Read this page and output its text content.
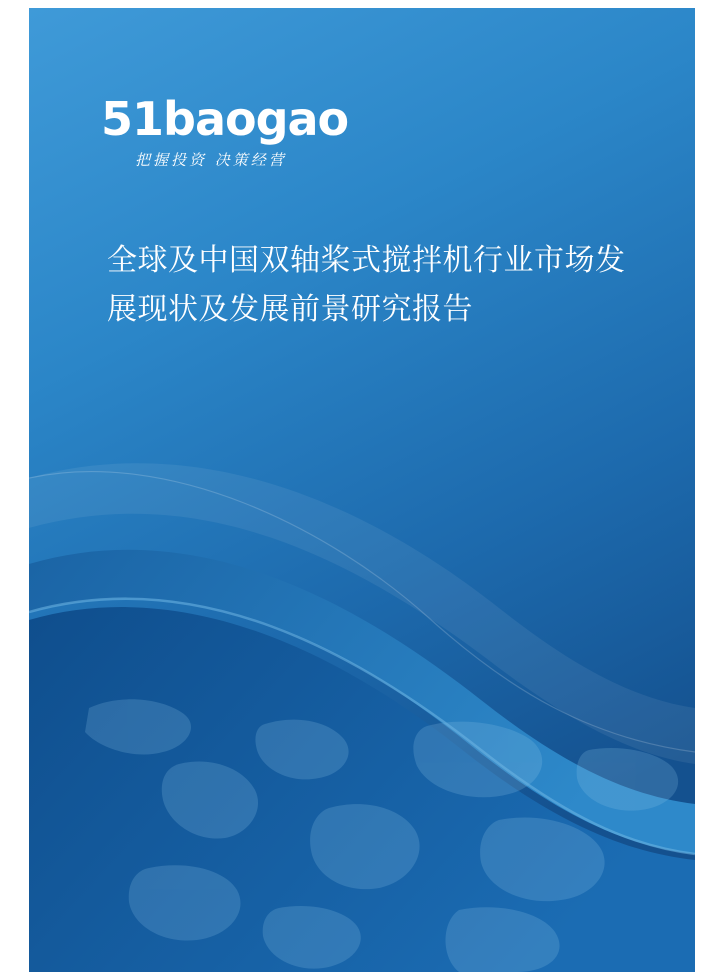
51baogao
把握投资 决策经营
全球及中国双轴桨式搅拌机行业市场发展现状及发展前景研究报告
